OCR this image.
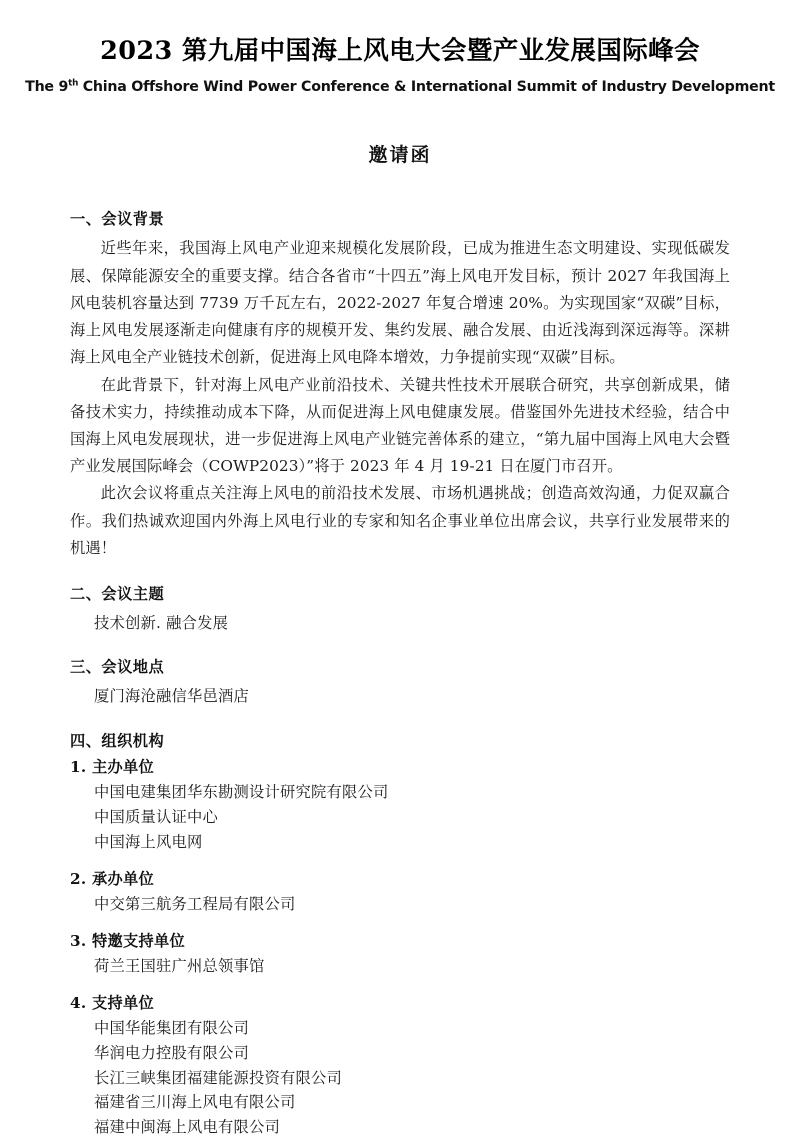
2023 第九届中国海上风电大会暨产业发展国际峰会
The 9th China Offshore Wind Power Conference & International Summit of Industry Development
邀请函
一、会议背景

近些年来，我国海上风电产业迎来规模化发展阶段，已成为推进生态文明建设、实现低碳发展、保障能源安全的重要支撑。结合各省市“十四五”海上风电开发目标，预计 2027 年我国海上风电装机容量达到 7739 万千瓦左右，2022-2027 年复合增速 20%。为实现国家“双碳”目标，海上风电发展逐渐走向健康有序的规模开发、集约发展、融合发展、由近浅海到深远海等。深耕海上风电全产业链技术创新，促进海上风电降本增效，力争提前实现“双碳”目标。

在此背景下，针对海上风电产业前沿技术、关键共性技术开展联合研究，共享创新成果，储备技术实力，持续推动成本下降，从而促进海上风电健康发展。借鉴国外先进技术经验，结合中国海上风电发展现状，进一步促进海上风电产业链完善体系的建立，“第九届中国海上风电大会暨产业发展国际峰会（COWP2023）”将于 2023 年 4 月 19-21 日在厦门市召开。

此次会议将重点关注海上风电的前沿技术发展、市场机遇挑战；创造高效沟通，力促双赢合作。我们热诚欢迎国内外海上风电行业的专家和知名企事业单位出席会议，共享行业发展带来的机遇！

二、会议主题
技术创新. 融合发展
三、会议地点
厦门海沧融信华邑酒店
四、组织机构
1. 主办单位
中国电建集团华东勘测设计研究院有限公司
中国质量认证中心
中国海上风电网
2. 承办单位
中交第三航务工程局有限公司
3. 特邀支持单位
荷兰王国驻广州总领事馆
4. 支持单位
中国华能集团有限公司
华润电力控股有限公司
长江三峡集团福建能源投资有限公司
福建省三川海上风电有限公司
福建中闽海上风电有限公司
